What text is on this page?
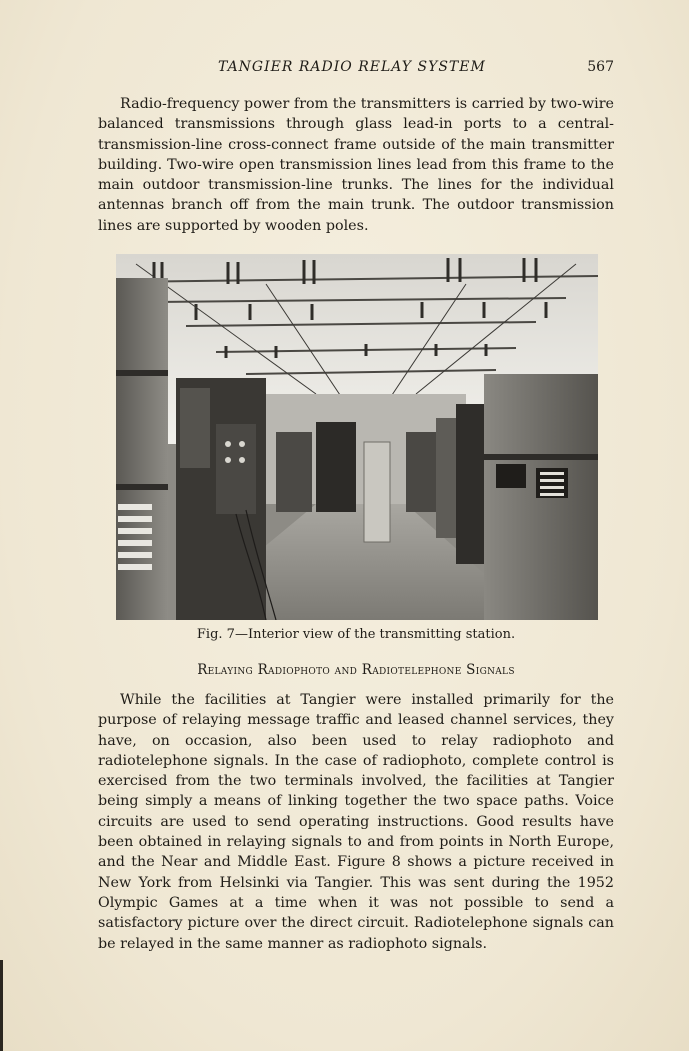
TANGIER RADIO RELAY SYSTEM	567

Radio-frequency power from the transmitters is carried by two-wire balanced transmissions through glass lead-in ports to a central-transmission-line cross-connect frame outside of the main transmitter building. Two-wire open transmission lines lead from this frame to the main outdoor transmission-line trunks. The lines for the individual antennas branch off from the main trunk. The outdoor transmission lines are supported by wooden poles.

Fig. 7—Interior view of the transmitting station.
Relaying Radiophoto and Radiotelephone Signals

While the facilities at Tangier were installed primarily for the purpose of relaying message traffic and leased channel services, they have, on occasion, also been used to relay radiophoto and radiotelephone signals. In the case of radiophoto, complete control is exercised from the two terminals involved, the facilities at Tangier being simply a means of linking together the two space paths. Voice circuits are used to send operating instructions. Good results have been obtained in relaying signals to and from points in North Europe, and the Near and Middle East. Figure 8 shows a picture received in New York from Helsinki via Tangier. This was sent during the 1952 Olympic Games at a time when it was not possible to send a satisfactory picture over the direct circuit. Radiotelephone signals can be relayed in the same manner as radiophoto signals.
